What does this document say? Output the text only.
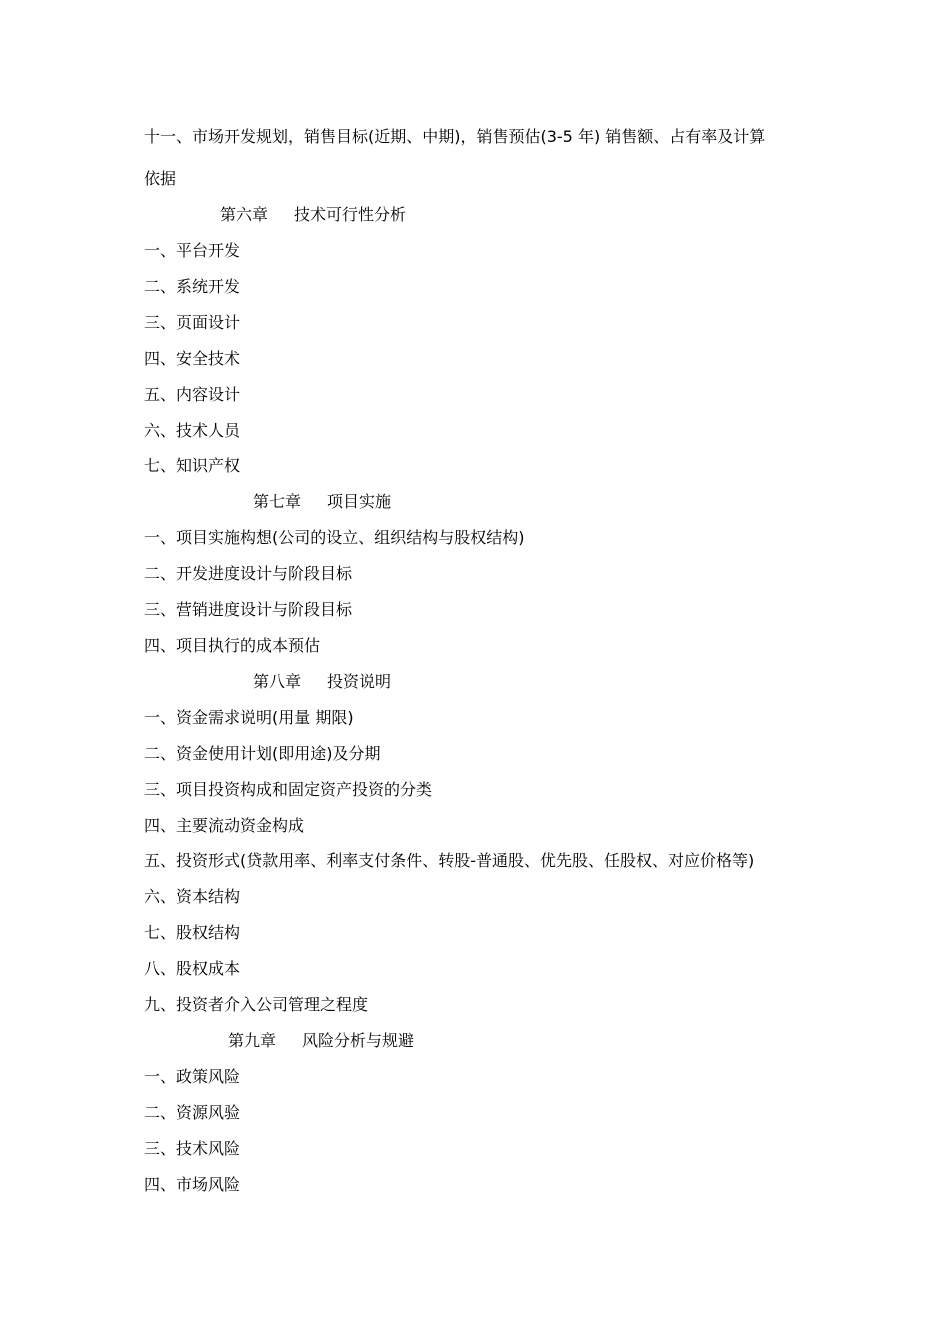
十一、市场开发规划，销售目标(近期、中期)，销售预估(3-5 年) 销售额、占有率及计算
依据
第六章 技术可行性分析
一、平台开发
二、系统开发
三、页面设计
四、安全技术
五、内容设计
六、技术人员
七、知识产权
第七章 项目实施
一、项目实施构想(公司的设立、组织结构与股权结构)
二、开发进度设计与阶段目标
三、营销进度设计与阶段目标
四、项目执行的成本预估
第八章 投资说明
一、资金需求说明(用量 期限)
二、资金使用计划(即用途)及分期
三、项目投资构成和固定资产投资的分类
四、主要流动资金构成
五、投资形式(贷款用率、利率支付条件、转股-普通股、优先股、任股权、对应价格等)
六、资本结构
七、股权结构
八、股权成本
九、投资者介入公司管理之程度
第九章 风险分析与规避
一、政策风险
二、资源风验
三、技术风险
四、市场风险
